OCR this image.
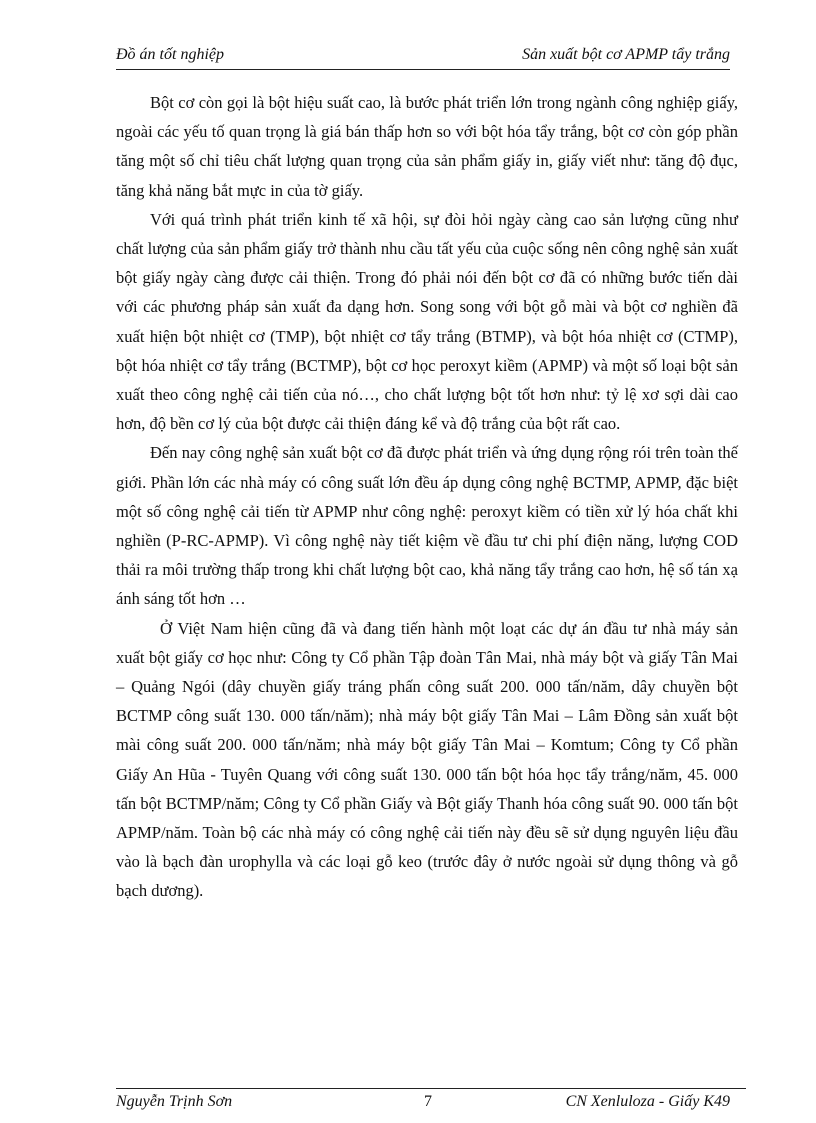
Đồ án tốt nghiệp	Sản xuất bột cơ APMP tẩy trắng

Bột cơ còn gọi là bột hiệu suất cao, là bước phát triển lớn trong ngành công nghiệp giấy, ngoài các yếu tố quan trọng là giá bán thấp hơn so với bột hóa tẩy trắng, bột cơ còn góp phần tăng một số chỉ tiêu chất lượng quan trọng của sản phẩm giấy in, giấy viết như: tăng độ đục, tăng khả năng bắt mực in của tờ giấy.

Với quá trình phát triển kinh tế xã hội, sự đòi hỏi ngày càng cao sản lượng cũng như chất lượng của sản phẩm giấy trở thành nhu cầu tất yếu của cuộc sống nên công nghệ sản xuất bột giấy ngày càng được cải thiện. Trong đó phải nói đến bột cơ đã có những bước tiến dài với các phương pháp sản xuất đa dạng hơn. Song song với bột gỗ mài và bột cơ nghiền đã xuất hiện bột nhiệt cơ (TMP), bột nhiệt cơ tẩy trắng (BTMP), và bột hóa nhiệt cơ (CTMP), bột hóa nhiệt cơ tẩy trắng (BCTMP), bột cơ học peroxyt kiềm (APMP) và một số loại bột sản xuất theo công nghệ cải tiến của nó…, cho chất lượng bột tốt hơn như: tỷ lệ xơ sợi dài cao hơn, độ bền cơ lý của bột được cải thiện đáng kể và độ trắng của bột rất cao.

Đến nay công nghệ sản xuất bột cơ đã được phát triển và ứng dụng rộng rói trên toàn thế giới. Phần lớn các nhà máy có công suất lớn đều áp dụng công nghệ BCTMP, APMP, đặc biệt một số công nghệ cải tiến từ APMP như công nghệ: peroxyt kiềm có tiền xử lý hóa chất khi nghiền (P-RC-APMP). Vì công nghệ này tiết kiệm về đầu tư chi phí điện năng, lượng COD thải ra môi trường thấp trong khi chất lượng bột cao, khả năng tẩy trắng cao hơn, hệ số tán xạ ánh sáng tốt hơn …

Ở Việt Nam hiện cũng đã và đang tiến hành một loạt các dự án đầu tư nhà máy sản xuất bột giấy cơ học như: Công ty Cổ phần Tập đoàn Tân Mai, nhà máy bột và giấy Tân Mai – Quảng Ngói (dây chuyền giấy tráng phấn công suất 200. 000 tấn/năm, dây chuyền bột BCTMP công suất 130. 000 tấn/năm); nhà máy bột giấy Tân Mai – Lâm Đồng sản xuất bột mài công suất 200. 000 tấn/năm; nhà máy bột giấy Tân Mai – Komtum; Công ty Cổ phần Giấy An Hũa - Tuyên Quang với công suất 130. 000 tấn bột hóa học tẩy trắng/năm, 45. 000 tấn bột BCTMP/năm; Công ty Cổ phần Giấy và Bột giấy Thanh hóa công suất 90. 000 tấn bột APMP/năm. Toàn bộ các nhà máy có công nghệ cải tiến này đều sẽ sử dụng nguyên liệu đầu vào là bạch đàn urophylla và các loại gỗ keo (trước đây ở nước ngoài sử dụng thông và gỗ bạch dương).

Nguyễn Trịnh Sơn	7	CN Xenluloza - Giấy K49
